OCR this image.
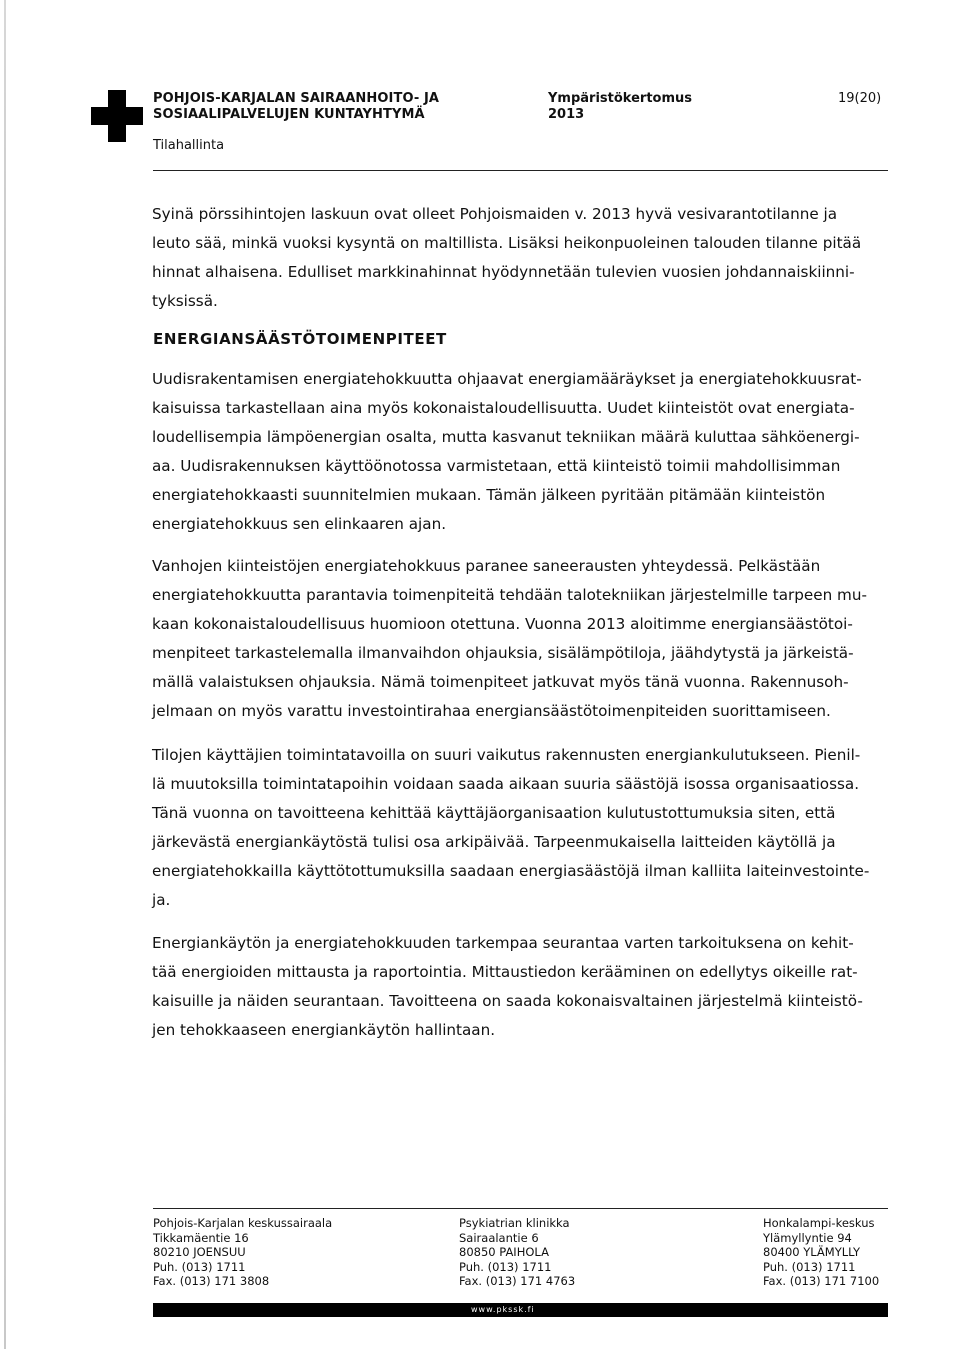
POHJOIS-KARJALAN SAIRAANHOITO- JA
SOSIAALIPALVELUJEN KUNTAYHTYMÄ
Tilahallinta
Ympäristökertomus
2013
19(20)
Syinä pörssihintojen laskuun ovat olleet Pohjoismaiden v. 2013 hyvä vesivarantotilanne ja
leuto sää, minkä vuoksi kysyntä on maltillista. Lisäksi heikonpuoleinen talouden tilanne pitää
hinnat alhaisena. Edulliset markkinahinnat hyödynnetään tulevien vuosien johdannaiskiinni-
tyksissä.
ENERGIANSÄÄSTÖTOIMENPITEET
Uudisrakentamisen energiatehokkuutta ohjaavat energiamääräykset ja energiatehokkuusrat-
kaisuissa tarkastellaan aina myös kokonaistaloudellisuutta. Uudet kiinteistöt ovat energiata-
loudellisempia lämpöenergian osalta, mutta kasvanut tekniikan määrä kuluttaa sähköenergi-
aa. Uudisrakennuksen käyttöönotossa varmistetaan, että kiinteistö toimii mahdollisimman
energiatehokkaasti suunnitelmien mukaan. Tämän jälkeen pyritään pitämään kiinteistön
energiatehokkuus sen elinkaaren ajan.
Vanhojen kiinteistöjen energiatehokkuus paranee saneerausten yhteydessä. Pelkästään
energiatehokkuutta parantavia toimenpiteitä tehdään talotekniikan järjestelmille tarpeen mu-
kaan kokonaistaloudellisuus huomioon otettuna. Vuonna 2013 aloitimme energiansäästötoi-
menpiteet tarkastelemalla ilmanvaihdon ohjauksia, sisälämpötiloja, jäähdytystä ja järkeistä-
mällä valaistuksen ohjauksia. Nämä toimenpiteet jatkuvat myös tänä vuonna. Rakennusoh-
jelmaan on myös varattu investointirahaa energiansäästötoimenpiteiden suorittamiseen.
Tilojen käyttäjien toimintatavoilla on suuri vaikutus rakennusten energiankulutukseen. Pienil-
lä muutoksilla toimintatapoihin voidaan saada aikaan suuria säästöjä isossa organisaatiossa.
Tänä vuonna on tavoitteena kehittää käyttäjäorganisaation kulutustottumuksia siten, että
järkevästä energiankäytöstä tulisi osa arkipäivää. Tarpeenmukaisella laitteiden käytöllä ja
energiatehokkailla käyttötottumuksilla saadaan energiasäästöjä ilman kalliita laiteinvestointe-
ja.
Energiankäytön ja energiatehokkuuden tarkempaa seurantaa varten tarkoituksena on kehit-
tää energioiden mittausta ja raportointia. Mittaustiedon kerääminen on edellytys oikeille rat-
kaisuille ja näiden seurantaan. Tavoitteena on saada kokonaisvaltainen järjestelmä kiinteistö-
jen tehokkaaseen energiankäytön hallintaan.
Pohjois-Karjalan keskussairaala
Tikkamäentie 16
80210 JOENSUU
Puh. (013) 1711
Fax. (013) 171 3808
Psykiatrian klinikka
Sairaalantie 6
80850 PAIHOLA
Puh. (013) 1711
Fax. (013) 171 4763
Honkalampi-keskus
Ylämyllyntie 94
80400 YLÄMYLLY
Puh. (013) 1711
Fax. (013) 171 7100
www.pkssk.fi
